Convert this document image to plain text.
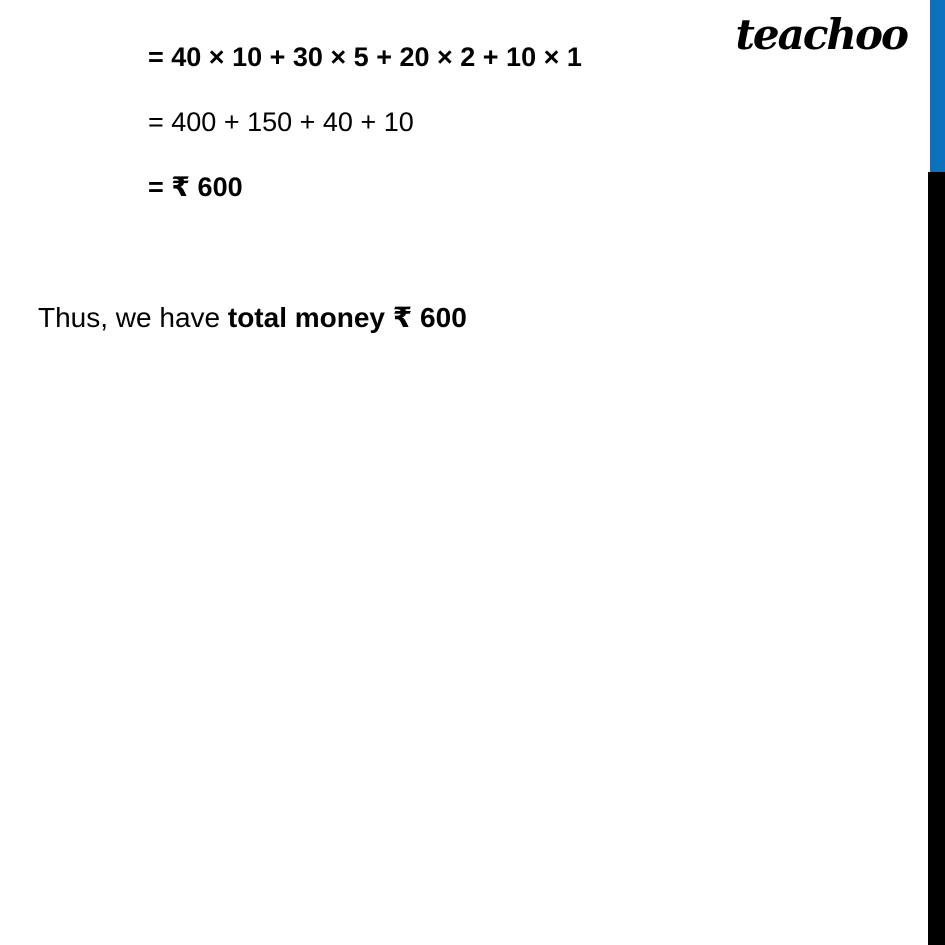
teachoo
= 40 × 10 + 30 × 5 + 20 × 2 + 10 × 1
= 400 + 150 + 40 + 10
= ₹ 600
Thus, we have total money ₹ 600
